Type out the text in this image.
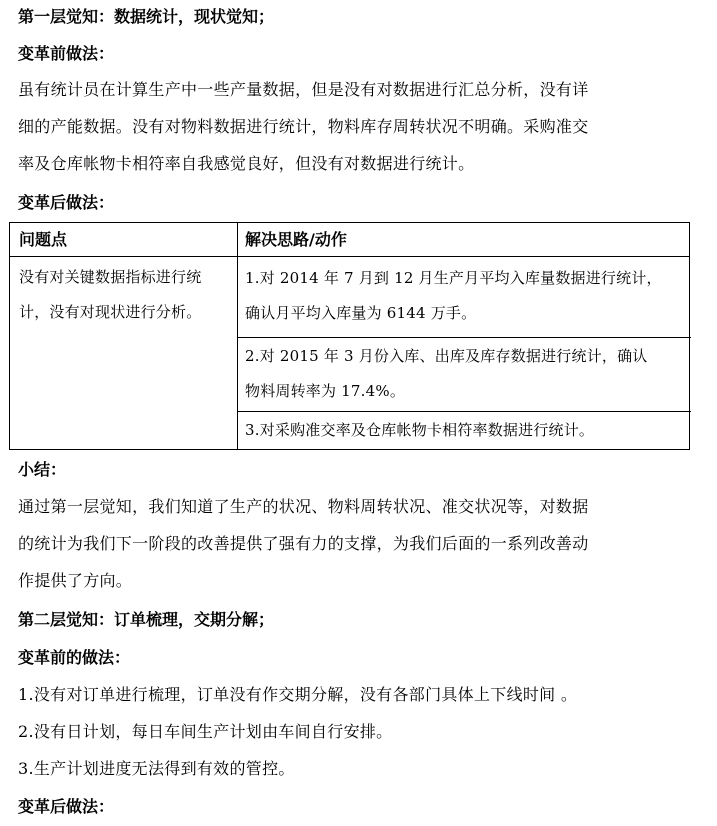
第一层觉知：数据统计，现状觉知；
变革前做法：
虽有统计员在计算生产中一些产量数据，但是没有对数据进行汇总分析，没有详
细的产能数据。没有对物料数据进行统计，物料库存周转状况不明确。采购准交
率及仓库帐物卡相符率自我感觉良好，但没有对数据进行统计。
变革后做法：
问题点	解决思路/动作
没有对关键数据指标进行统
计，没有对现状进行分析。
1.对 2014 年 7 月到 12 月生产月平均入库量数据进行统计，
确认月平均入库量为 6144 万手。
2.对 2015 年 3 月份入库、出库及库存数据进行统计，确认
物料周转率为 17.4%。
3.对采购准交率及仓库帐物卡相符率数据进行统计。
小结：
通过第一层觉知，我们知道了生产的状况、物料周转状况、准交状况等，对数据
的统计为我们下一阶段的改善提供了强有力的支撑，为我们后面的一系列改善动
作提供了方向。
第二层觉知：订单梳理，交期分解；
变革前的做法：
1.没有对订单进行梳理，订单没有作交期分解，没有各部门具体上下线时间 。
2.没有日计划，每日车间生产计划由车间自行安排。
3.生产计划进度无法得到有效的管控。
变革后做法：
